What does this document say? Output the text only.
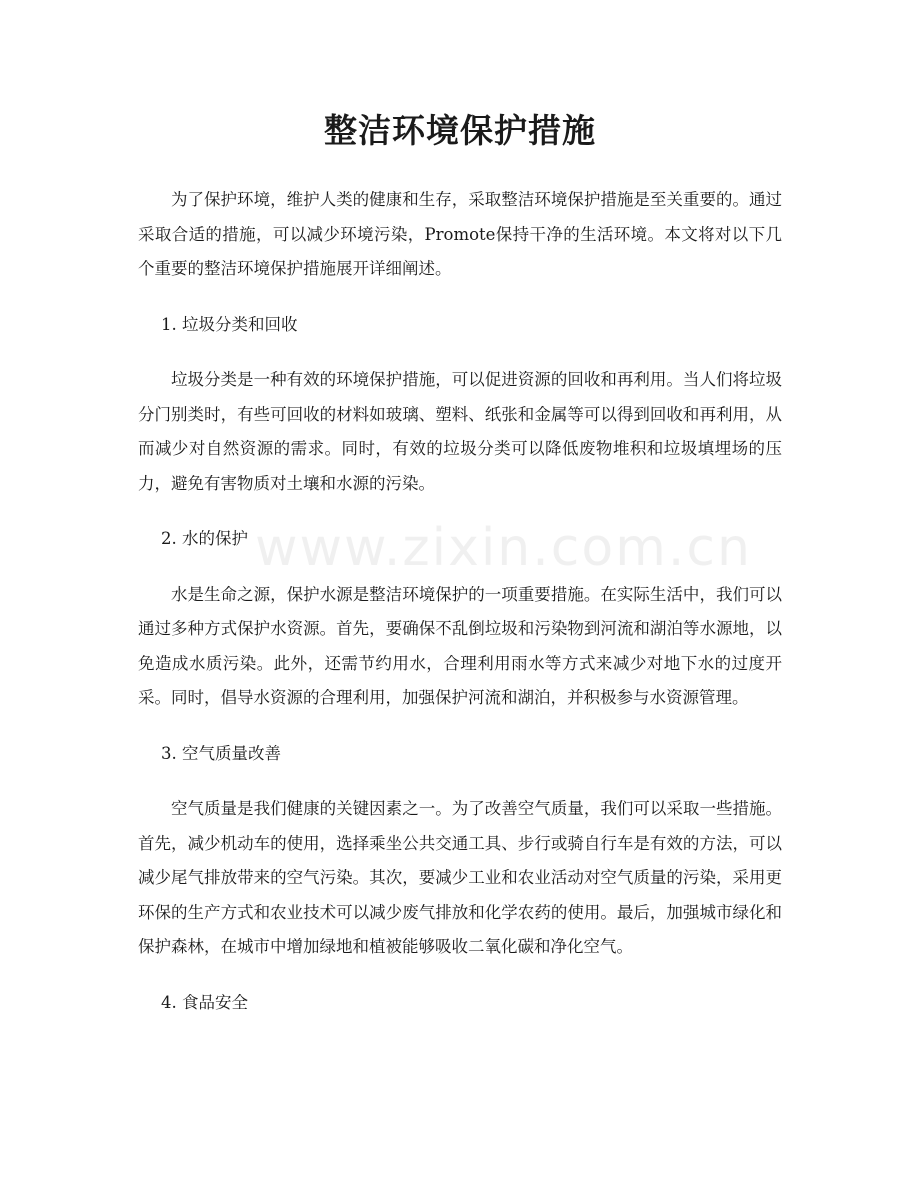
整洁环境保护措施
www.zixin.com.cn

为了保护环境，维护人类的健康和生存，采取整洁环境保护措施是至关重要的。通过采取合适的措施，可以减少环境污染，Promote保持干净的生活环境。本文将对以下几个重要的整洁环境保护措施展开详细阐述。

1. 垃圾分类和回收

垃圾分类是一种有效的环境保护措施，可以促进资源的回收和再利用。当人们将垃圾分门别类时，有些可回收的材料如玻璃、塑料、纸张和金属等可以得到回收和再利用，从而减少对自然资源的需求。同时，有效的垃圾分类可以降低废物堆积和垃圾填埋场的压力，避免有害物质对土壤和水源的污染。

2. 水的保护

水是生命之源，保护水源是整洁环境保护的一项重要措施。在实际生活中，我们可以通过多种方式保护水资源。首先，要确保不乱倒垃圾和污染物到河流和湖泊等水源地，以免造成水质污染。此外，还需节约用水，合理利用雨水等方式来减少对地下水的过度开采。同时，倡导水资源的合理利用，加强保护河流和湖泊，并积极参与水资源管理。

3. 空气质量改善

空气质量是我们健康的关键因素之一。为了改善空气质量，我们可以采取一些措施。首先，减少机动车的使用，选择乘坐公共交通工具、步行或骑自行车是有效的方法，可以减少尾气排放带来的空气污染。其次，要减少工业和农业活动对空气质量的污染，采用更环保的生产方式和农业技术可以减少废气排放和化学农药的使用。最后，加强城市绿化和保护森林，在城市中增加绿地和植被能够吸收二氧化碳和净化空气。

4. 食品安全
